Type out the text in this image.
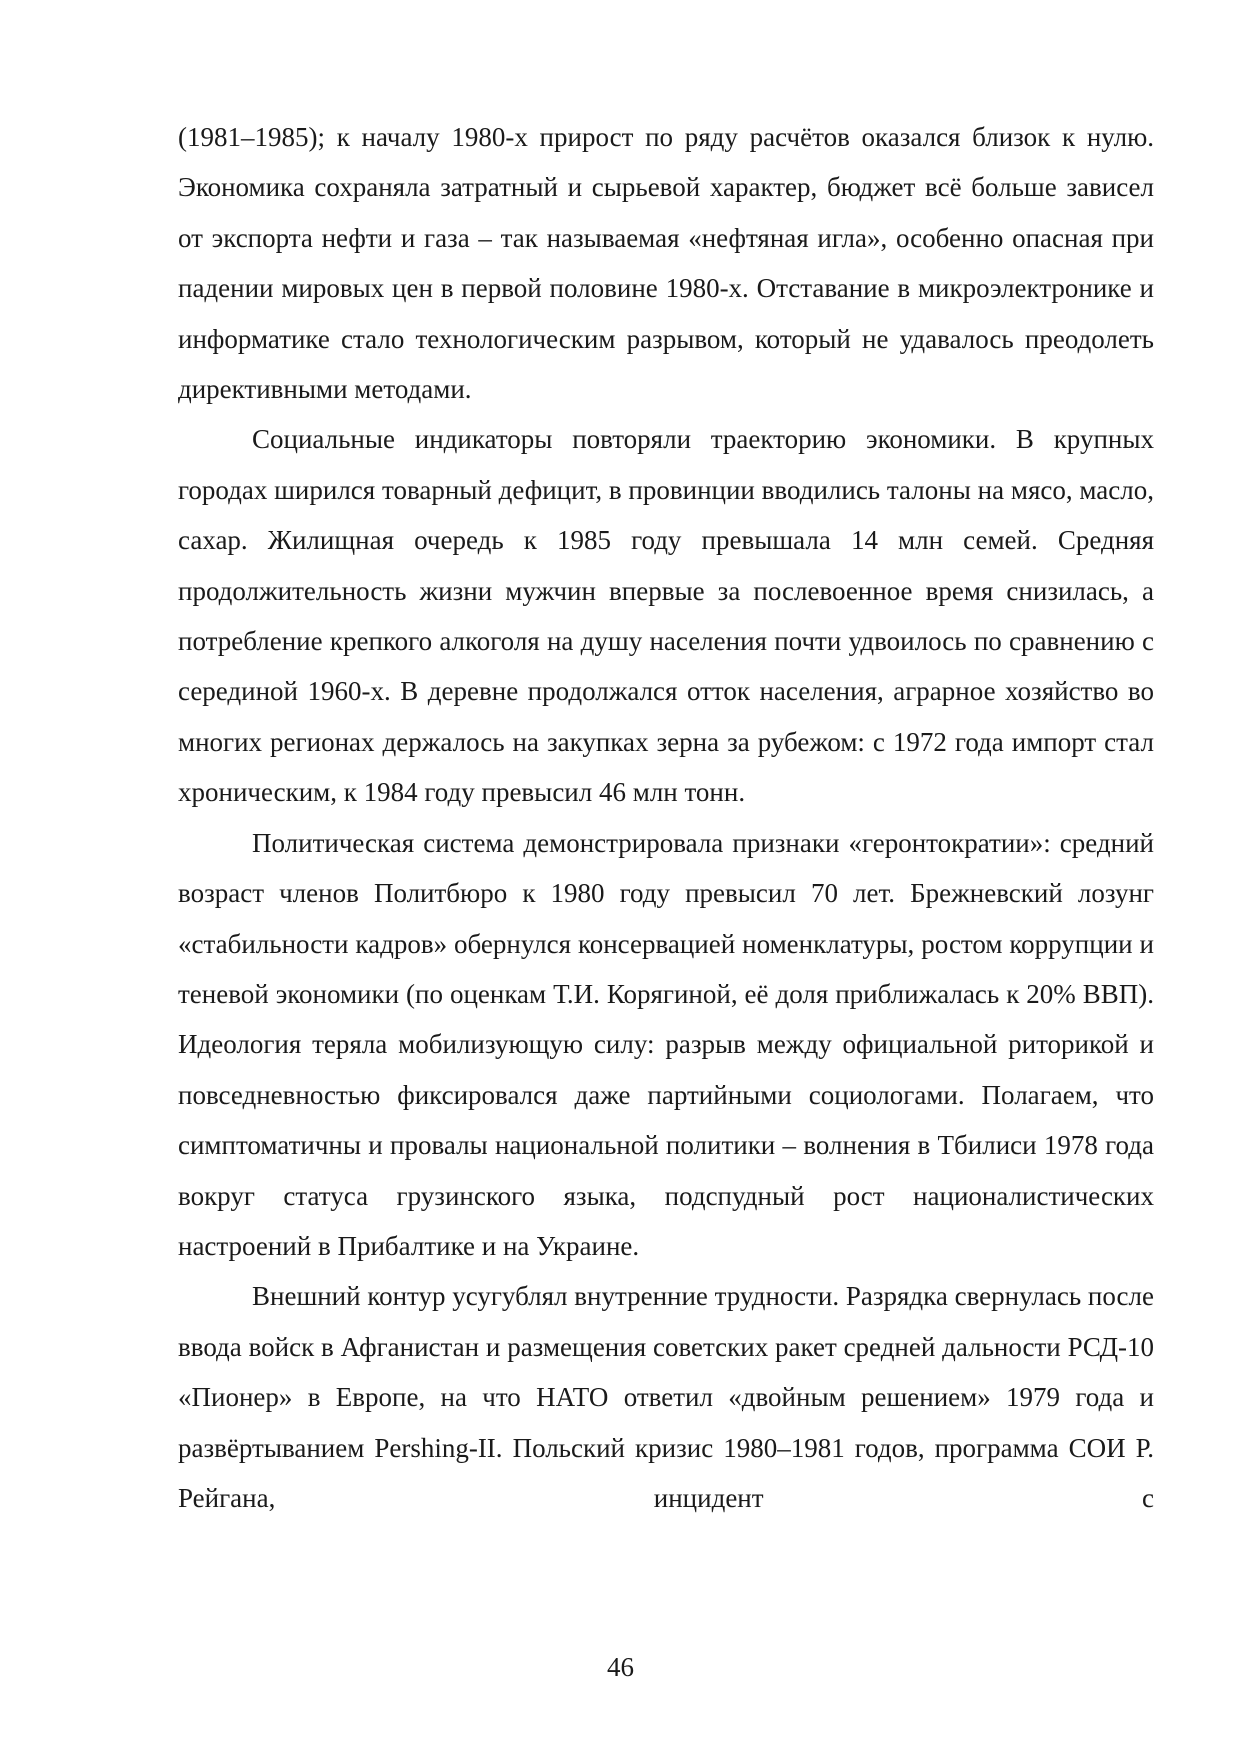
(1981–1985); к началу 1980-х прирост по ряду расчётов оказался близок к нулю. Экономика сохраняла затратный и сырьевой характер, бюджет всё больше зависел от экспорта нефти и газа – так называемая «нефтяная игла», особенно опасная при падении мировых цен в первой половине 1980-х. Отставание в микроэлектронике и информатике стало технологическим разрывом, который не удавалось преодолеть директивными методами.

Социальные индикаторы повторяли траекторию экономики. В крупных городах ширился товарный дефицит, в провинции вводились талоны на мясо, масло, сахар. Жилищная очередь к 1985 году превышала 14 млн семей. Средняя продолжительность жизни мужчин впервые за послевоенное время снизилась, а потребление крепкого алкоголя на душу населения почти удвоилось по сравнению с серединой 1960-х. В деревне продолжался отток населения, аграрное хозяйство во многих регионах держалось на закупках зерна за рубежом: с 1972 года импорт стал хроническим, к 1984 году превысил 46 млн тонн.

Политическая система демонстрировала признаки «геронтократии»: средний возраст членов Политбюро к 1980 году превысил 70 лет. Брежневский лозунг «стабильности кадров» обернулся консервацией номенклатуры, ростом коррупции и теневой экономики (по оценкам Т.И. Корягиной, её доля приближалась к 20% ВВП). Идеология теряла мобилизующую силу: разрыв между официальной риторикой и повседневностью фиксировался даже партийными социологами. Полагаем, что симптоматичны и провалы национальной политики – волнения в Тбилиси 1978 года вокруг статуса грузинского языка, подспудный рост националистических настроений в Прибалтике и на Украине.

Внешний контур усугублял внутренние трудности. Разрядка свернулась после ввода войск в Афганистан и размещения советских ракет средней дальности РСД-10 «Пионер» в Европе, на что НАТО ответил «двойным решением» 1979 года и развёртыванием Pershing-II. Польский кризис 1980–1981 годов, программа СОИ Р. Рейгана, инцидент с

46
